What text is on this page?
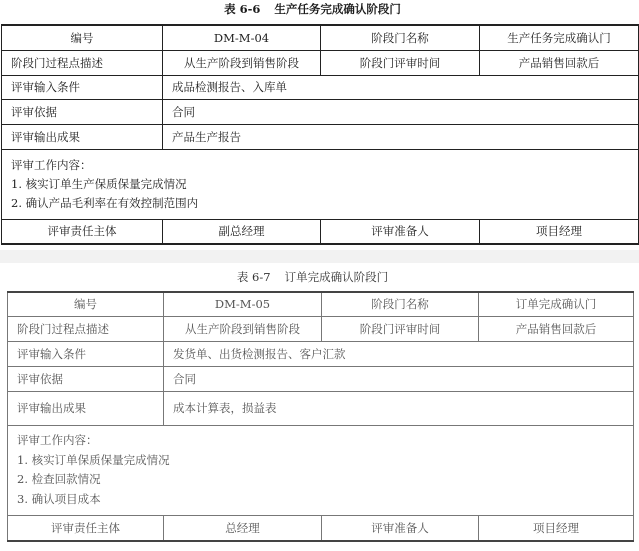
表 6-6 生产任务完成确认阶段门
编号	DM-M-04	阶段门名称	生产任务完成确认门
阶段门过程点描述	从生产阶段到销售阶段	阶段门评审时间	产品销售回款后
评审输入条件	成品检测报告、入库单		
评审依据	合同		
评审输出成果	产品生产报告		

评审工作内容：
1. 核实订单生产保质保量完成情况
2. 确认产品毛利率在有效控制范围内			

评审责任主体	副总经理	评审准备人	项目经理
表 6-7 订单完成确认阶段门
编号	DM-M-05	阶段门名称	订单完成确认门
阶段门过程点描述	从生产阶段到销售阶段	阶段门评审时间	产品销售回款后
评审输入条件	发货单、出货检测报告、客户汇款		
评审依据	合同		
评审输出成果	成本计算表，损益表		

评审工作内容：
1. 核实订单保质保量完成情况
2. 检查回款情况
3. 确认项目成本			

评审责任主体	总经理	评审准备人	项目经理
